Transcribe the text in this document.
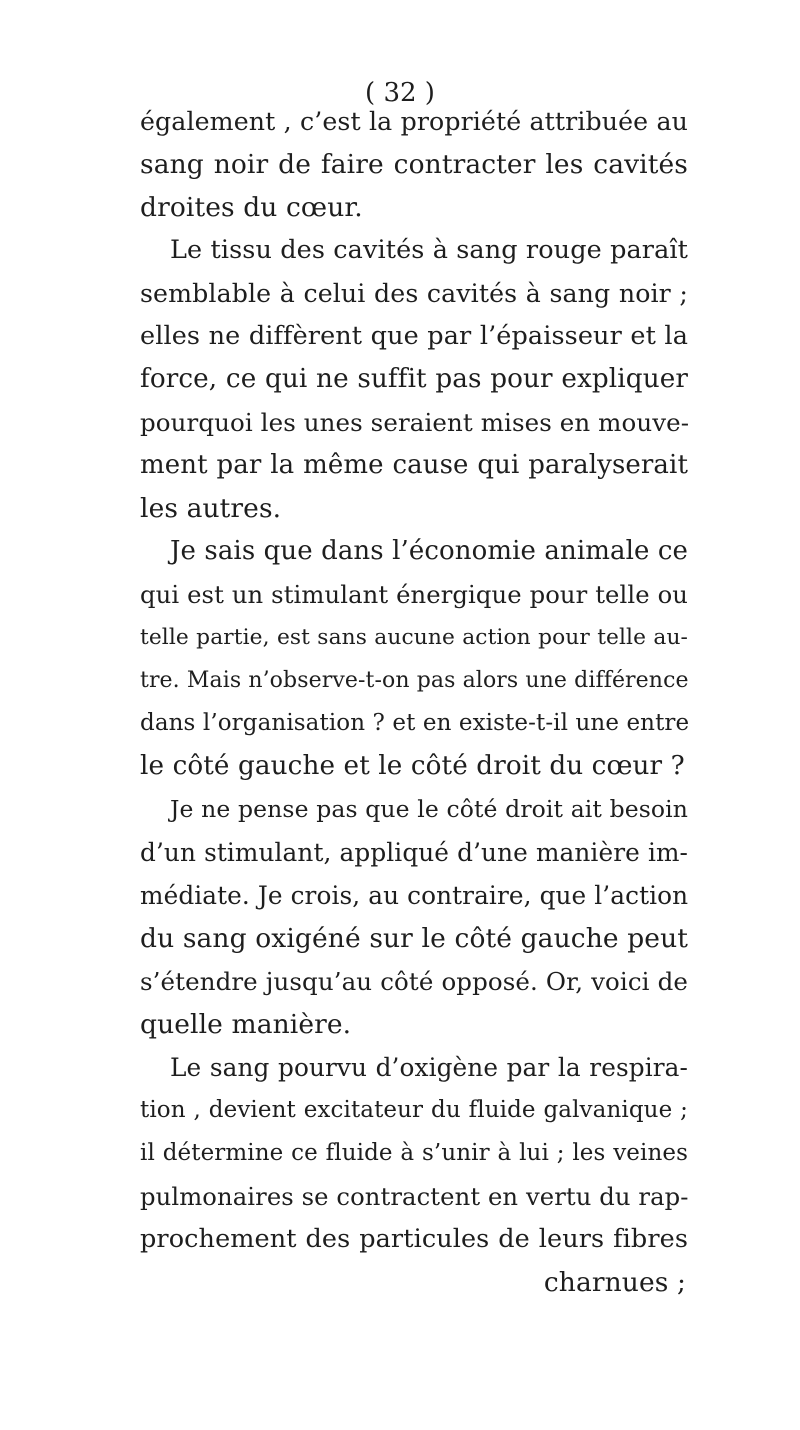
( 32 )
également , c’est la propriété attribuée au
sang noir de faire contracter les cavités
droites du cœur.
Le tissu des cavités à sang rouge paraît
semblable à celui des cavités à sang noir ;
elles ne diffèrent que par l’épaisseur et la
force, ce qui ne suffit pas pour expliquer
pourquoi les unes seraient mises en mouve-
ment par la même cause qui paralyserait
les autres.
Je sais que dans l’économie animale ce
qui est un stimulant énergique pour telle ou
telle partie, est sans aucune action pour telle au-
tre. Mais n’observe-t-on pas alors une différence
dans l’organisation ? et en existe-t-il une entre
le côté gauche et le côté droit du cœur ?
Je ne pense pas que le côté droit ait besoin
d’un stimulant, appliqué d’une manière im-
médiate. Je crois, au contraire, que l’action
du sang oxigéné sur le côté gauche peut
s’étendre jusqu’au côté opposé. Or, voici de
quelle manière.
Le sang pourvu d’oxigène par la respira-
tion , devient excitateur du fluide galvanique ;
il détermine ce fluide à s’unir à lui ; les veines
pulmonaires se contractent en vertu du rap-
prochement des particules de leurs fibres
charnues ;
